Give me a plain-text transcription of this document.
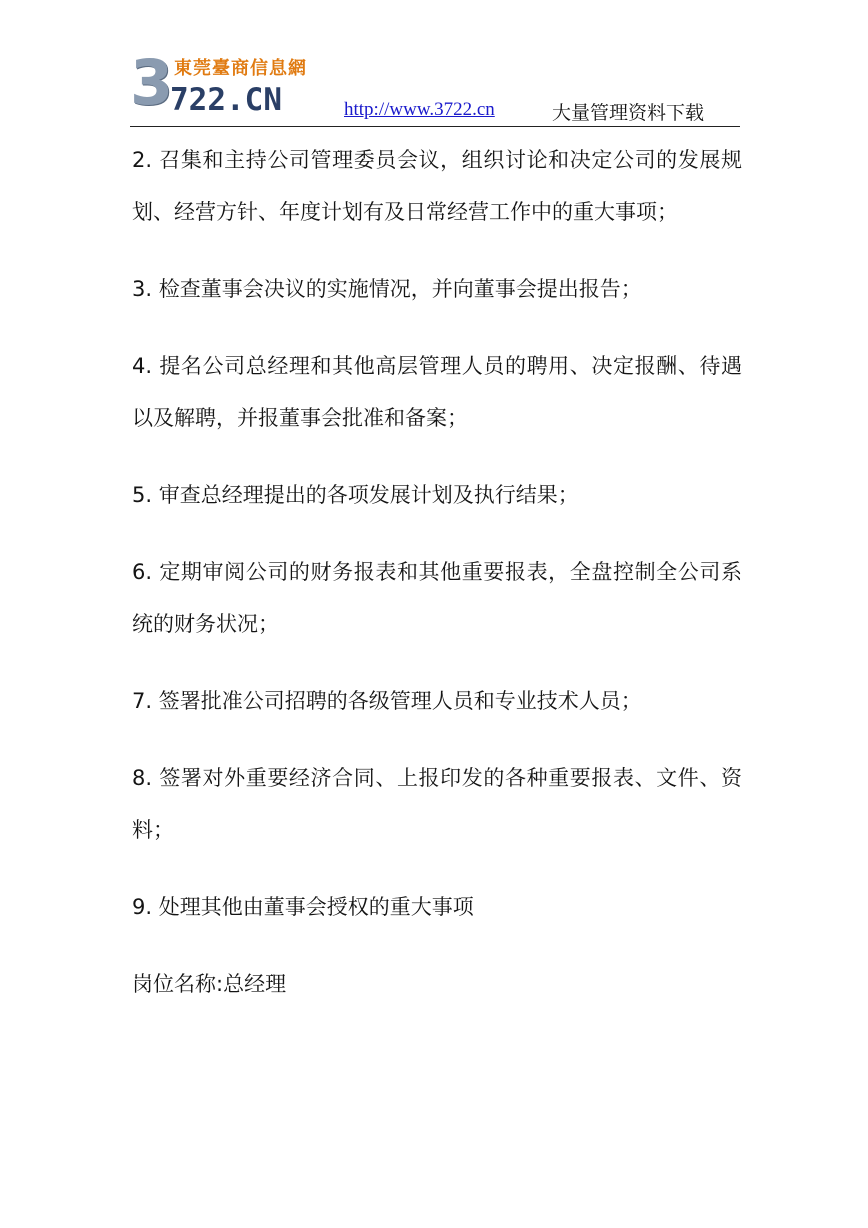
3 東莞臺商信息網
722.CN	http://www.3722.cn	大量管理资料下载

2. 召集和主持公司管理委员会议，组织讨论和决定公司的发展规划、经营方针、年度计划有及日常经营工作中的重大事项；

3. 检查董事会决议的实施情况，并向董事会提出报告；

4. 提名公司总经理和其他高层管理人员的聘用、决定报酬、待遇以及解聘，并报董事会批准和备案；

5. 审查总经理提出的各项发展计划及执行结果；

6. 定期审阅公司的财务报表和其他重要报表，全盘控制全公司系统的财务状况；

7. 签署批准公司招聘的各级管理人员和专业技术人员；

8. 签署对外重要经济合同、上报印发的各种重要报表、文件、资料；

9. 处理其他由董事会授权的重大事项

岗位名称:总经理
